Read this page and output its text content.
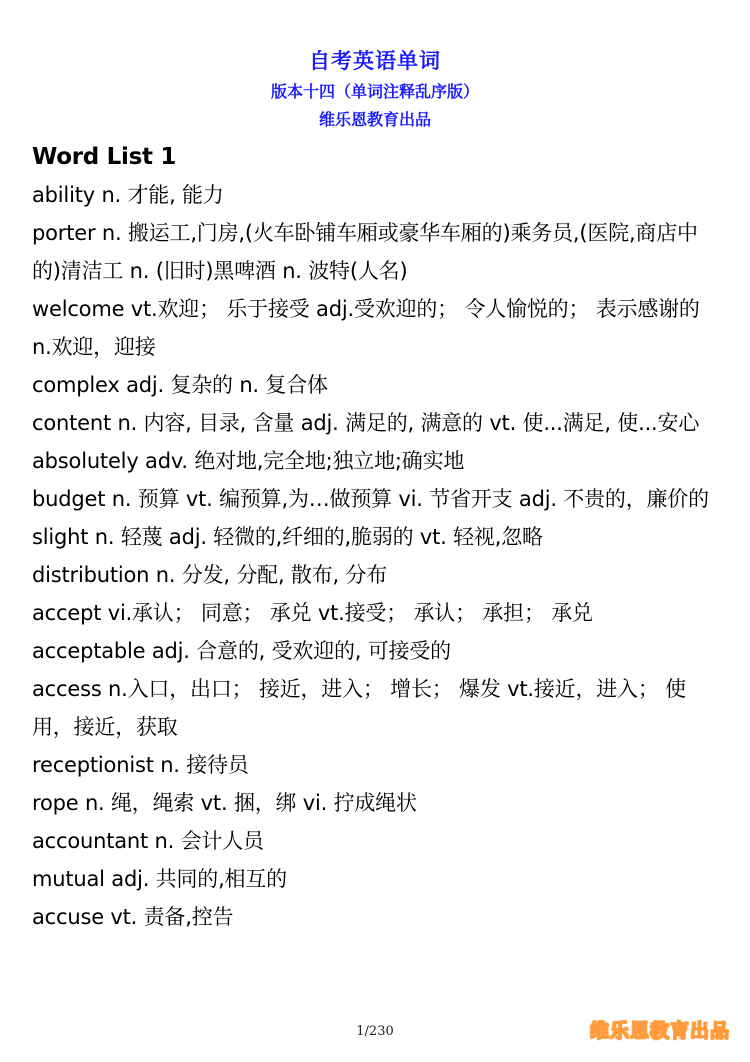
自考英语单词
版本十四（单词注释乱序版）
维乐恩教育出品

Word List 1

ability n. 才能, 能力

porter n. 搬运工,门房,(火车卧铺车厢或豪华车厢的)乘务员,(医院,商店中的)清洁工 n. (旧时)黑啤酒 n. 波特(人名)

welcome vt.欢迎； 乐于接受 adj.受欢迎的； 令人愉悦的； 表示感谢的 n.欢迎，迎接

complex adj. 复杂的 n. 复合体

content n. 内容, 目录, 含量 adj. 满足的, 满意的 vt. 使...满足, 使...安心

absolutely adv. 绝对地,完全地;独立地;确实地

budget n. 预算 vt. 编预算,为…做预算 vi. 节省开支 adj. 不贵的，廉价的

slight n. 轻蔑 adj. 轻微的,纤细的,脆弱的 vt. 轻视,忽略

distribution n. 分发, 分配, 散布, 分布

accept vi.承认； 同意； 承兑 vt.接受； 承认； 承担； 承兑

acceptable adj. 合意的, 受欢迎的, 可接受的

access n.入口，出口； 接近，进入； 增长； 爆发 vt.接近，进入； 使用，接近，获取

receptionist n. 接待员

rope n. 绳，绳索 vt. 捆，绑 vi. 拧成绳状

accountant n. 会计人员

mutual adj. 共同的,相互的

accuse vt. 责备,控告

1/230	维乐恩教育出品
